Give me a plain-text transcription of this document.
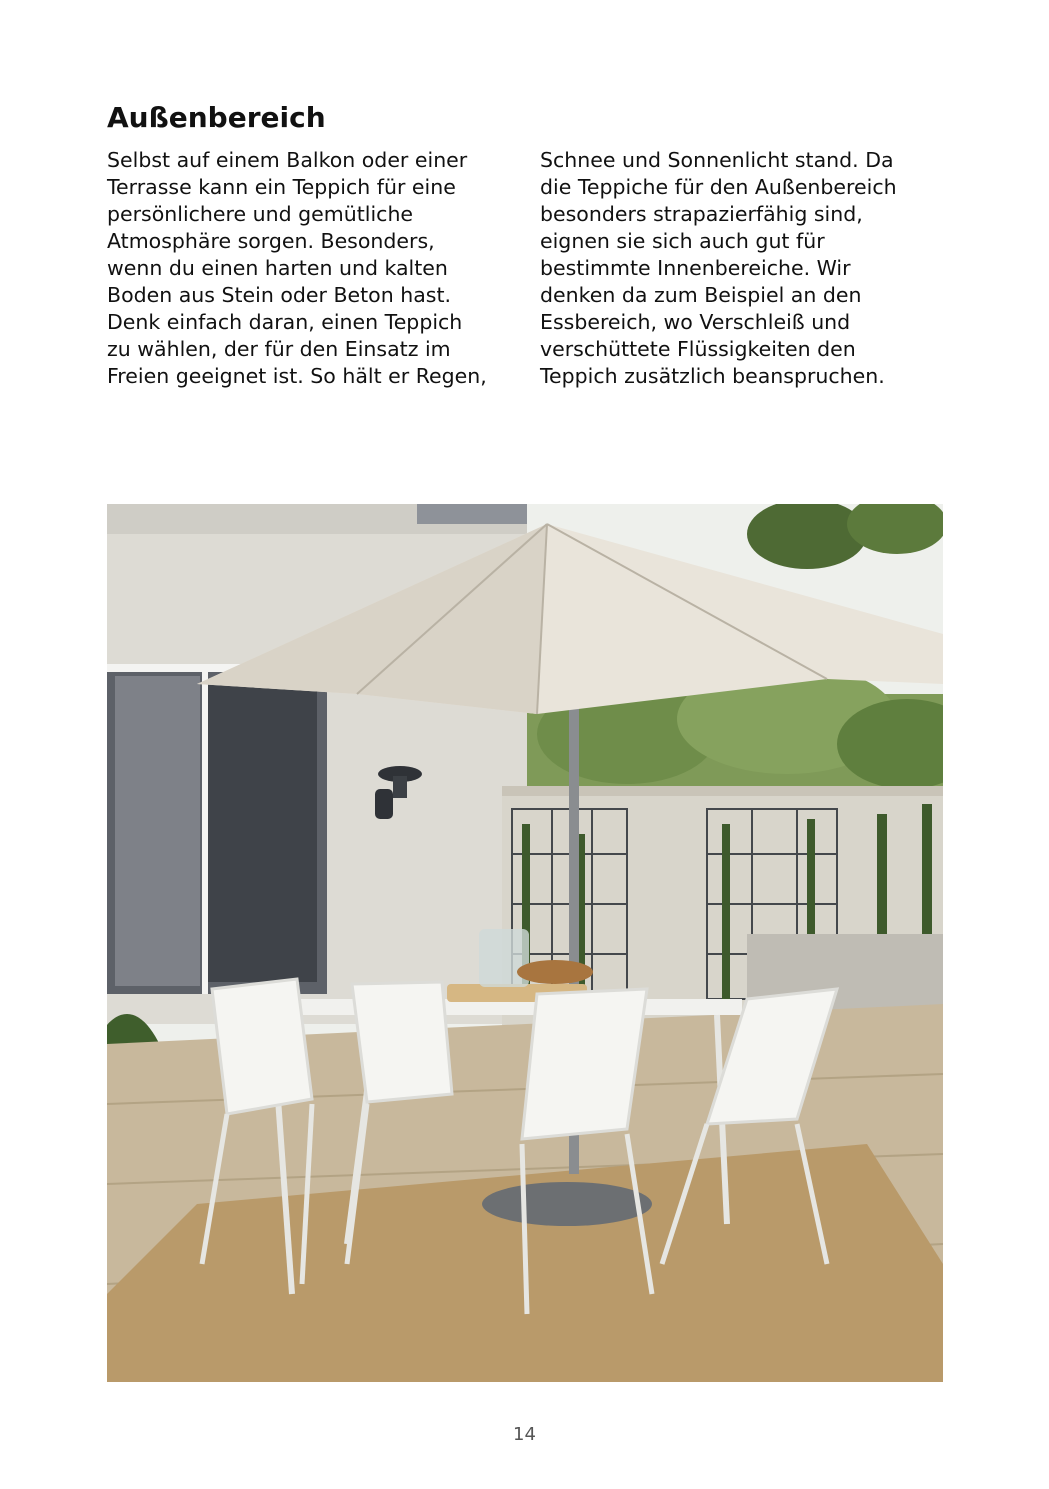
Außenbereich
Selbst auf einem Balkon oder einer
Terrasse kann ein Teppich für eine
persönlichere und gemütliche
Atmosphäre sorgen. Besonders,
wenn du einen harten und kalten
Boden aus Stein oder Beton hast.
Denk einfach daran, einen Teppich
zu wählen, der für den Einsatz im
Freien geeignet ist. So hält er Regen,
Schnee und Sonnenlicht stand. Da
die Teppiche für den Außenbereich
besonders strapazierfähig sind,
eignen sie sich auch gut für
bestimmte Innenbereiche. Wir
denken da zum Beispiel an den
Essbereich, wo Verschleiß und
verschüttete Flüssigkeiten den
Teppich zusätzlich beanspruchen.
14
